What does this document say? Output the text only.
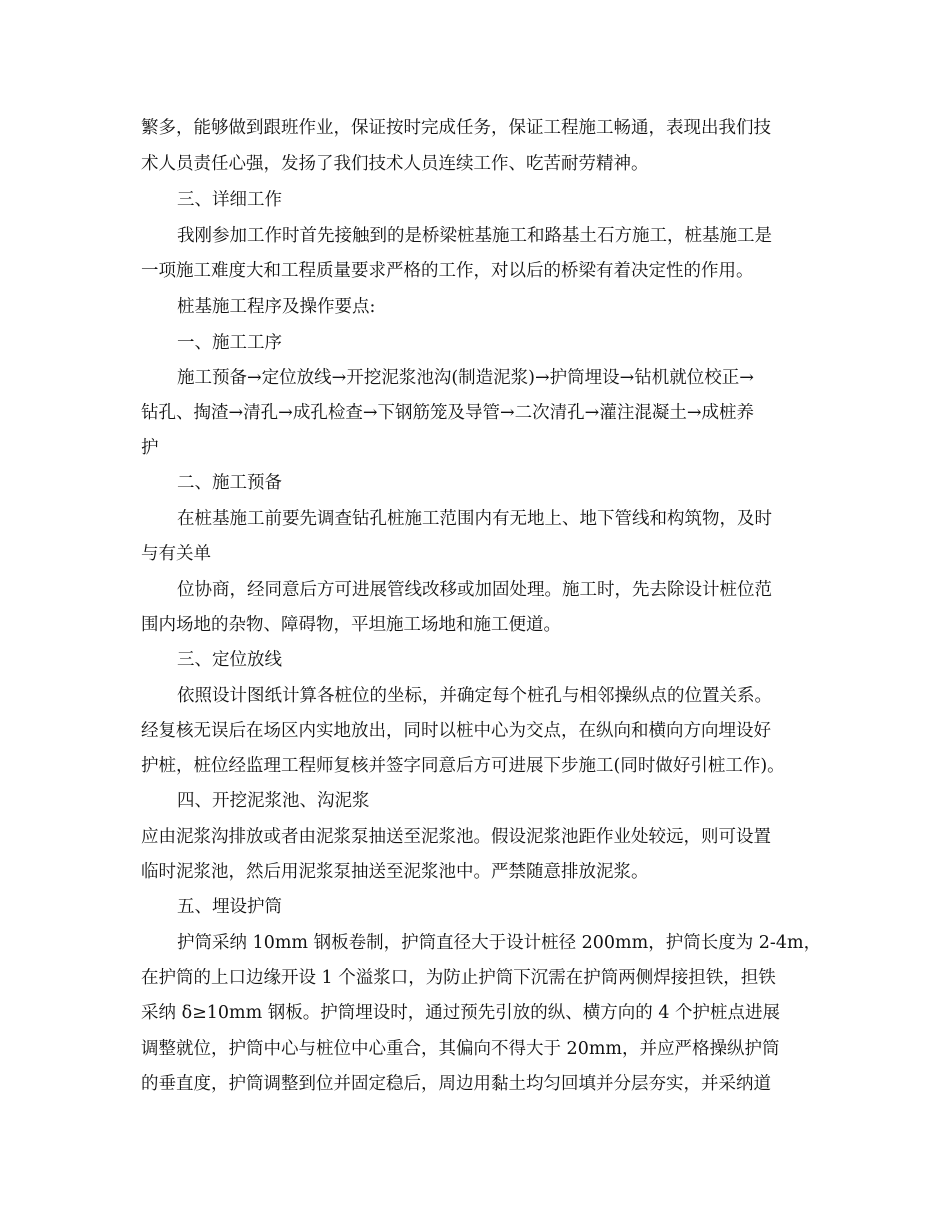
繁多，能够做到跟班作业，保证按时完成任务，保证工程施工畅通，表现出我们技
术人员责任心强，发扬了我们技术人员连续工作、吃苦耐劳精神。
三、详细工作
我刚参加工作时首先接触到的是桥梁桩基施工和路基土石方施工，桩基施工是
一项施工难度大和工程质量要求严格的工作，对以后的桥梁有着决定性的作用。
桩基施工程序及操作要点:
一、施工工序
施工预备→定位放线→开挖泥浆池沟(制造泥浆)→护筒埋设→钻机就位校正→
钻孔、掏渣→清孔→成孔检查→下钢筋笼及导管→二次清孔→灌注混凝土→成桩养
护
二、施工预备
在桩基施工前要先调查钻孔桩施工范围内有无地上、地下管线和构筑物，及时
与有关单
位协商，经同意后方可进展管线改移或加固处理。施工时，先去除设计桩位范
围内场地的杂物、障碍物，平坦施工场地和施工便道。
三、定位放线
依照设计图纸计算各桩位的坐标，并确定每个桩孔与相邻操纵点的位置关系。
经复核无误后在场区内实地放出，同时以桩中心为交点，在纵向和横向方向埋设好
护桩，桩位经监理工程师复核并签字同意后方可进展下步施工(同时做好引桩工作)。
四、开挖泥浆池、沟泥浆
应由泥浆沟排放或者由泥浆泵抽送至泥浆池。假设泥浆池距作业处较远，则可设置
临时泥浆池，然后用泥浆泵抽送至泥浆池中。严禁随意排放泥浆。
五、埋设护筒
护筒采纳 10mm 钢板卷制，护筒直径大于设计桩径 200mm，护筒长度为 2-4m，
在护筒的上口边缘开设 1 个溢浆口，为防止护筒下沉需在护筒两侧焊接担铁，担铁
采纳 δ≥10mm 钢板。护筒埋设时，通过预先引放的纵、横方向的 4 个护桩点进展
调整就位，护筒中心与桩位中心重合，其偏向不得大于 20mm，并应严格操纵护筒
的垂直度，护筒调整到位并固定稳后，周边用黏土均匀回填并分层夯实，并采纳道
